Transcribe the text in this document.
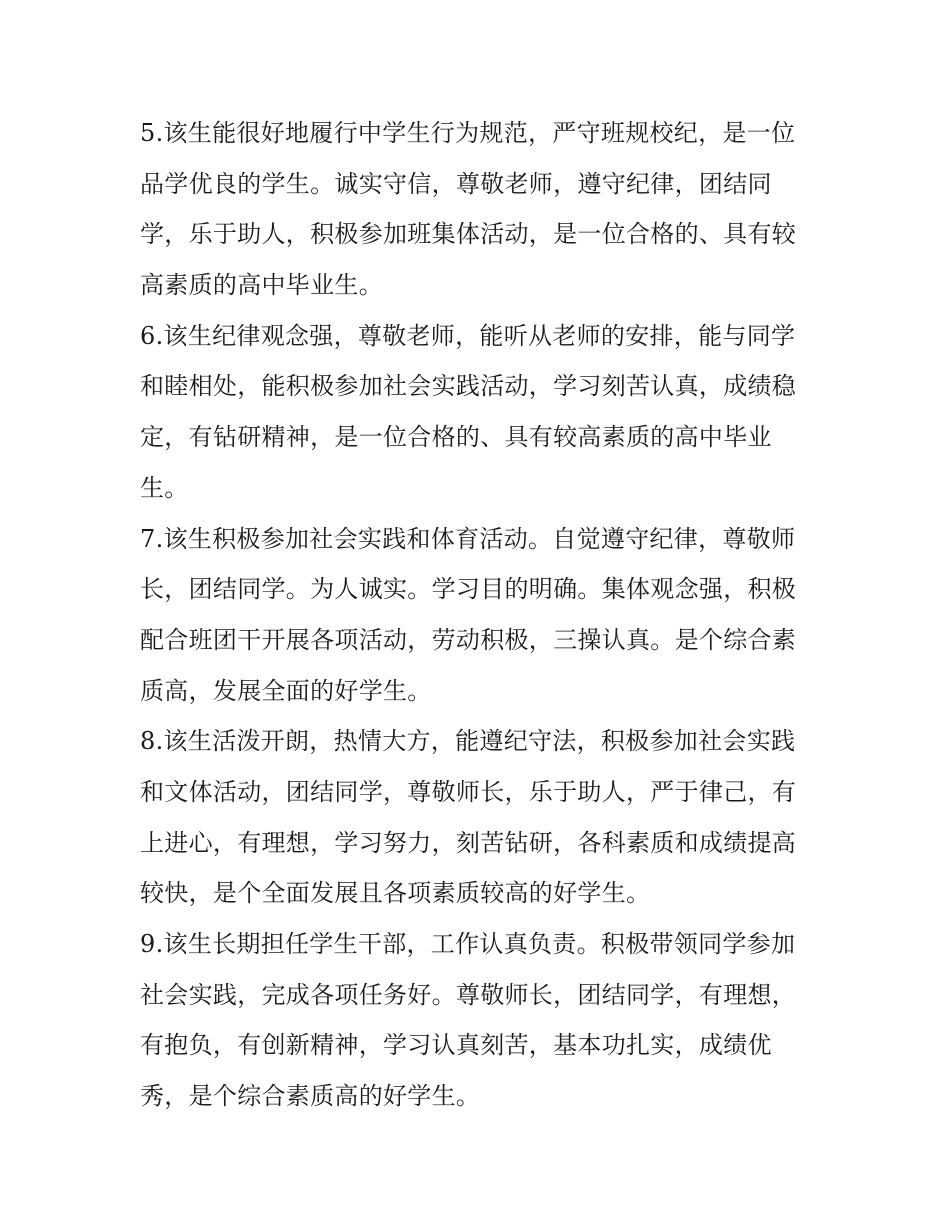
5.该生能很好地履行中学生行为规范，严守班规校纪，是一位
品学优良的学生。诚实守信，尊敬老师，遵守纪律，团结同
学，乐于助人，积极参加班集体活动，是一位合格的、具有较
高素质的高中毕业生。
6.该生纪律观念强，尊敬老师，能听从老师的安排，能与同学
和睦相处，能积极参加社会实践活动，学习刻苦认真，成绩稳
定，有钻研精神，是一位合格的、具有较高素质的高中毕业
生。
7.该生积极参加社会实践和体育活动。自觉遵守纪律，尊敬师
长，团结同学。为人诚实。学习目的明确。集体观念强，积极
配合班团干开展各项活动，劳动积极，三操认真。是个综合素
质高，发展全面的好学生。
8.该生活泼开朗，热情大方，能遵纪守法，积极参加社会实践
和文体活动，团结同学，尊敬师长，乐于助人，严于律己，有
上进心，有理想，学习努力，刻苦钻研，各科素质和成绩提高
较快，是个全面发展且各项素质较高的好学生。
9.该生长期担任学生干部，工作认真负责。积极带领同学参加
社会实践，完成各项任务好。尊敬师长，团结同学，有理想，
有抱负，有创新精神，学习认真刻苦，基本功扎实，成绩优
秀，是个综合素质高的好学生。
